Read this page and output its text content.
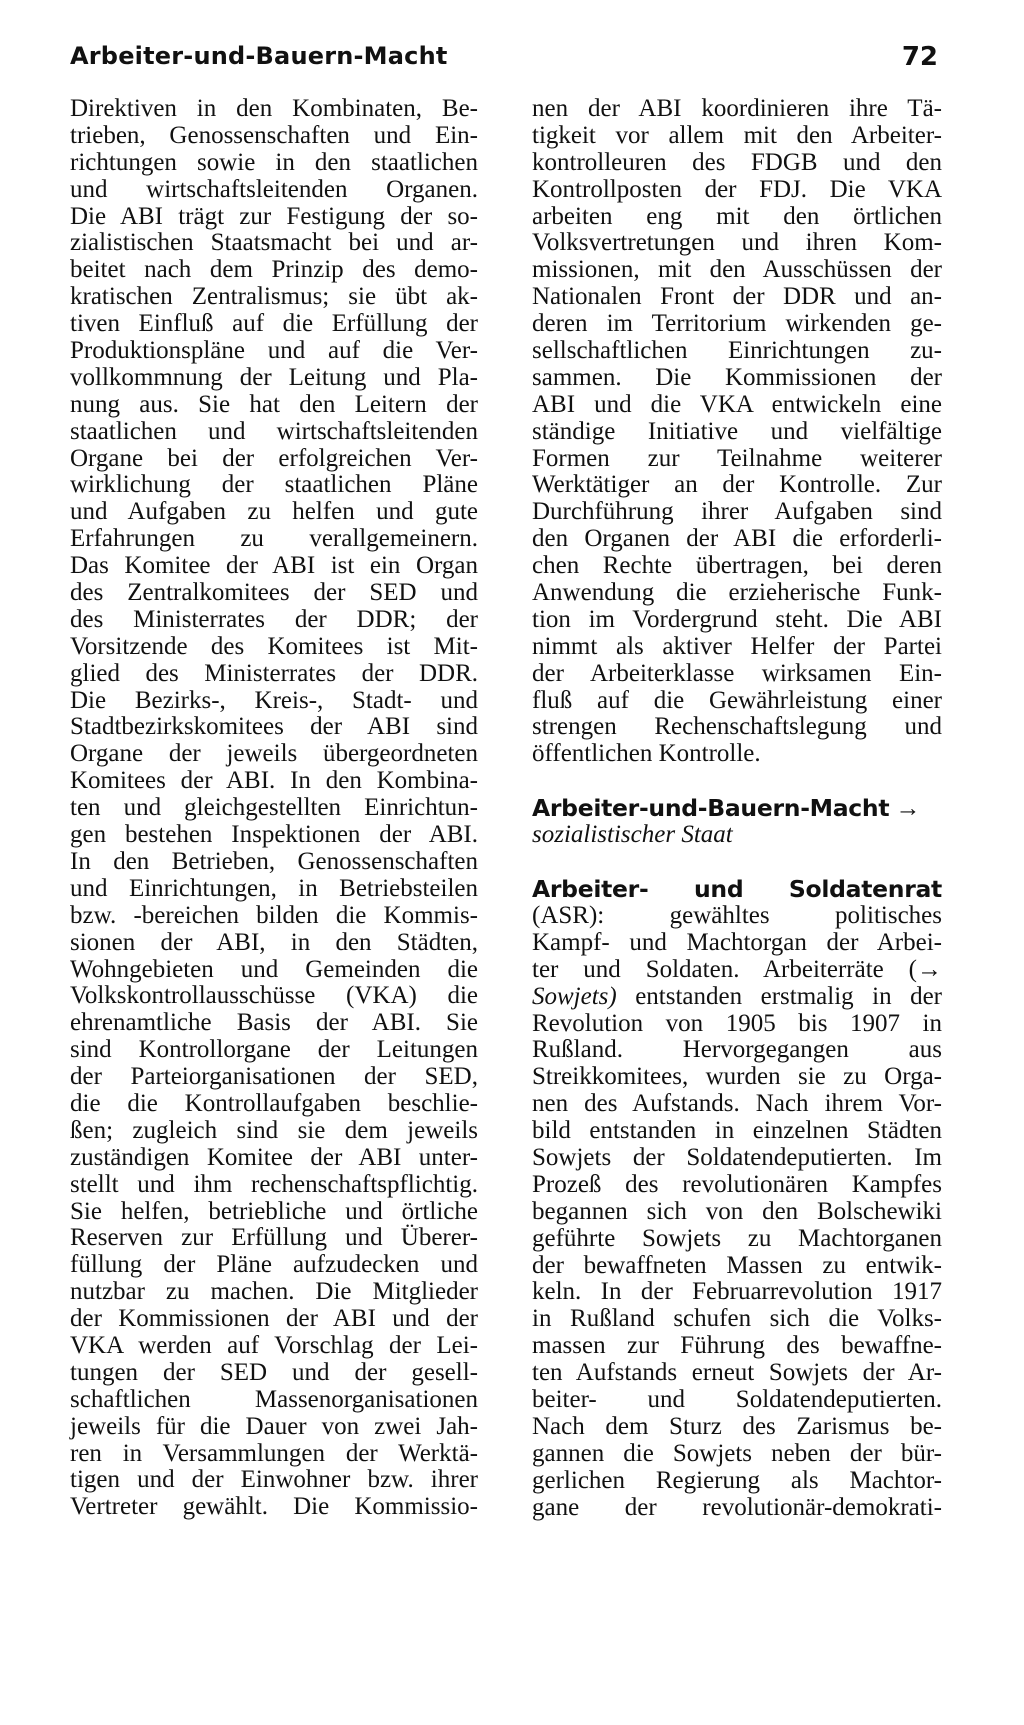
Arbeiter-und-Bauern-Macht	72
Direktiven in den Kombinaten, Be-
trieben, Genossenschaften und Ein-
richtungen sowie in den staatlichen
und wirtschaftsleitenden Organen.
Die ABI trägt zur Festigung der so-
zialistischen Staatsmacht bei und ar-
beitet nach dem Prinzip des demo-
kratischen Zentralismus; sie übt ak-
tiven Einfluß auf die Erfüllung der
Produktionspläne und auf die Ver-
vollkommnung der Leitung und Pla-
nung aus. Sie hat den Leitern der
staatlichen und wirtschaftsleitenden
Organe bei der erfolgreichen Ver-
wirklichung der staatlichen Pläne
und Aufgaben zu helfen und gute
Erfahrungen zu verallgemeinern.
Das Komitee der ABI ist ein Organ
des Zentralkomitees der SED und
des Ministerrates der DDR; der
Vorsitzende des Komitees ist Mit-
glied des Ministerrates der DDR.
Die Bezirks-, Kreis-, Stadt- und
Stadtbezirkskomitees der ABI sind
Organe der jeweils übergeordneten
Komitees der ABI. In den Kombina-
ten und gleichgestellten Einrichtun-
gen bestehen Inspektionen der ABI.
In den Betrieben, Genossenschaften
und Einrichtungen, in Betriebsteilen
bzw. -bereichen bilden die Kommis-
sionen der ABI, in den Städten,
Wohngebieten und Gemeinden die
Volkskontrollausschüsse (VKA) die
ehrenamtliche Basis der ABI. Sie
sind Kontrollorgane der Leitungen
der Parteiorganisationen der SED,
die die Kontrollaufgaben beschlie-
ßen; zugleich sind sie dem jeweils
zuständigen Komitee der ABI unter-
stellt und ihm rechenschaftspflichtig.
Sie helfen, betriebliche und örtliche
Reserven zur Erfüllung und Überer-
füllung der Pläne aufzudecken und
nutzbar zu machen. Die Mitglieder
der Kommissionen der ABI und der
VKA werden auf Vorschlag der Lei-
tungen der SED und der gesell-
schaftlichen Massenorganisationen
jeweils für die Dauer von zwei Jah-
ren in Versammlungen der Werktä-
tigen und der Einwohner bzw. ihrer
Vertreter gewählt. Die Kommissio-
nen der ABI koordinieren ihre Tä-
tigkeit vor allem mit den Arbeiter-
kontrolleuren des FDGB und den
Kontrollposten der FDJ. Die VKA
arbeiten eng mit den örtlichen
Volksvertretungen und ihren Kom-
missionen, mit den Ausschüssen der
Nationalen Front der DDR und an-
deren im Territorium wirkenden ge-
sellschaftlichen Einrichtungen zu-
sammen. Die Kommissionen der
ABI und die VKA entwickeln eine
ständige Initiative und vielfältige
Formen zur Teilnahme weiterer
Werktätiger an der Kontrolle. Zur
Durchführung ihrer Aufgaben sind
den Organen der ABI die erforderli-
chen Rechte übertragen, bei deren
Anwendung die erzieherische Funk-
tion im Vordergrund steht. Die ABI
nimmt als aktiver Helfer der Partei
der Arbeiterklasse wirksamen Ein-
fluß auf die Gewährleistung einer
strengen Rechenschaftslegung und
öffentlichen Kontrolle.
Arbeiter-und-Bauern-Macht →
sozialistischer Staat
Arbeiter- und Soldatenrat
(ASR): gewähltes politisches
Kampf- und Machtorgan der Arbei-
ter und Soldaten. Arbeiterräte (→
Sowjets) entstanden erstmalig in der
Revolution von 1905 bis 1907 in
Rußland. Hervorgegangen aus
Streikkomitees, wurden sie zu Orga-
nen des Aufstands. Nach ihrem Vor-
bild entstanden in einzelnen Städten
Sowjets der Soldatendeputierten. Im
Prozeß des revolutionären Kampfes
begannen sich von den Bolschewiki
geführte Sowjets zu Machtorganen
der bewaffneten Massen zu entwik-
keln. In der Februarrevolution 1917
in Rußland schufen sich die Volks-
massen zur Führung des bewaffne-
ten Aufstands erneut Sowjets der Ar-
beiter- und Soldatendeputierten.
Nach dem Sturz des Zarismus be-
gannen die Sowjets neben der bür-
gerlichen Regierung als Machtor-
gane der revolutionär-demokrati-
